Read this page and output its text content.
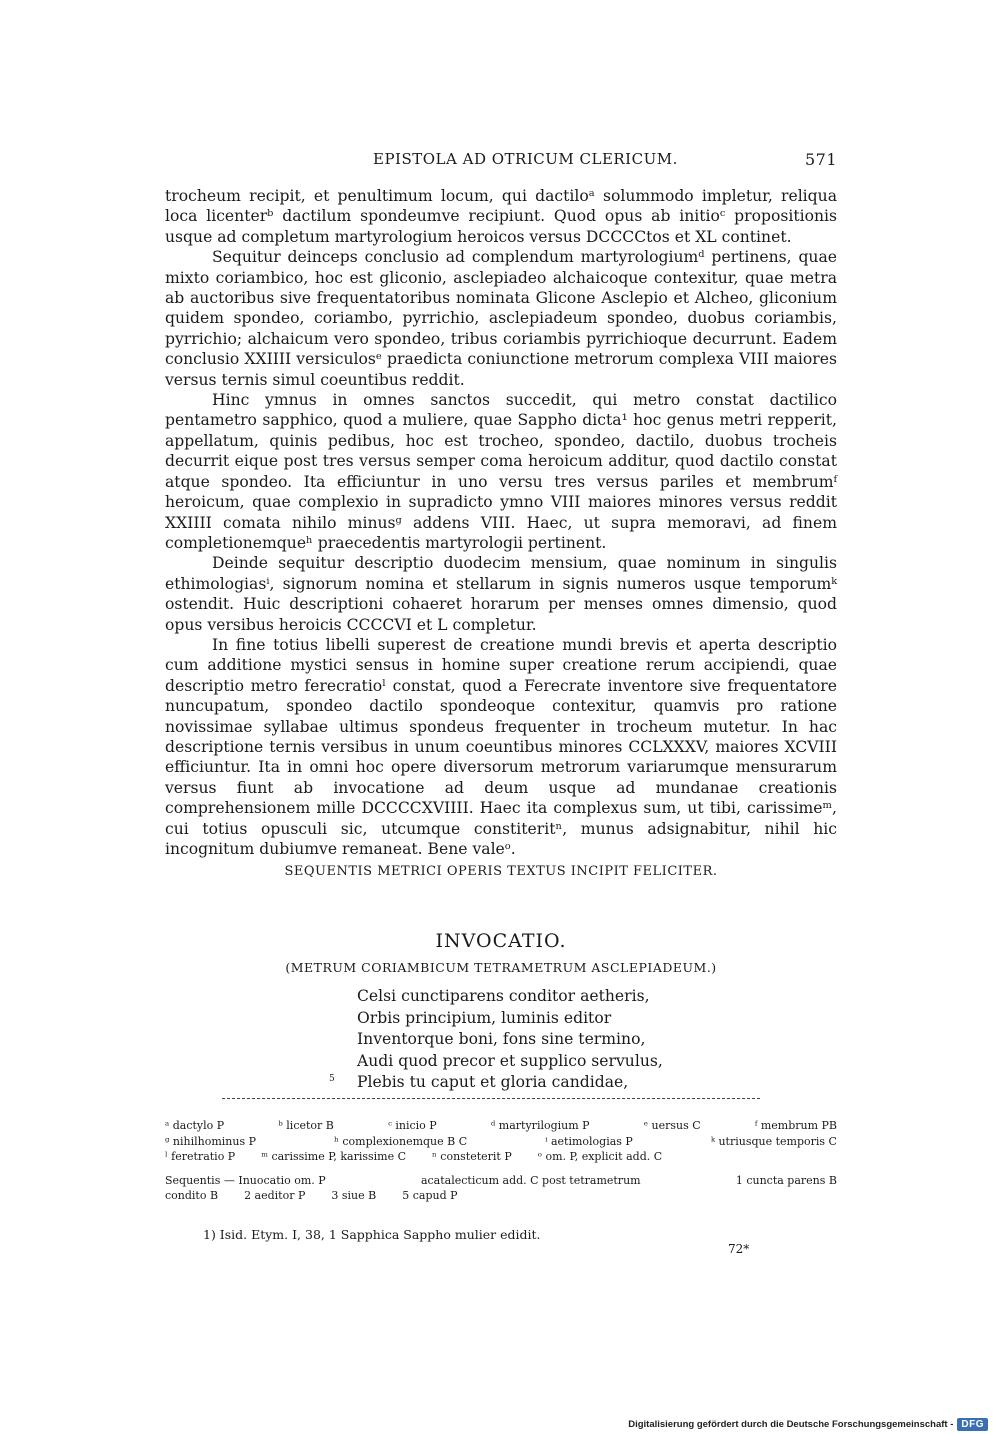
EPISTOLA AD OTRICUM CLERICUM.	571

trocheum recipit, et penultimum locum, qui dactiloᵃ solummodo impletur, reliqua loca licenterᵇ dactilum spondeumve recipiunt. Quod opus ab initioᶜ propositionis usque ad completum martyrologium heroicos versus DCCCCtos et XL continet.

Sequitur deinceps conclusio ad complendum martyrologiumᵈ pertinens, quae mixto coriambico, hoc est gliconio, asclepiadeo alchaicoque contexitur, quae metra ab auctoribus sive frequentatoribus nominata Glicone Asclepio et Alcheo, gliconium quidem spondeo, coriambo, pyrrichio, asclepiadeum spondeo, duobus coriambis, pyrrichio; alchaicum vero spondeo, tribus coriambis pyrrichioque decurrunt. Eadem conclusio XXIIII versiculosᵉ praedicta coniunctione metrorum complexa VIII maiores versus ternis simul coeuntibus reddit.

Hinc ymnus in omnes sanctos succedit, qui metro constat dactilico pentametro sapphico, quod a muliere, quae Sappho dicta¹ hoc genus metri repperit, appellatum, quinis pedibus, hoc est trocheo, spondeo, dactilo, duobus trocheis decurrit eique post tres versus semper coma heroicum additur, quod dactilo constat atque spondeo. Ita efficiuntur in uno versu tres versus pariles et membrumᶠ heroicum, quae complexio in supradicto ymno VIII maiores minores versus reddit XXIIII comata nihilo minusᵍ addens VIII. Haec, ut supra memoravi, ad finem completionemqueʰ praecedentis martyrologii pertinent.

Deinde sequitur descriptio duodecim mensium, quae nominum in singulis ethimologiasⁱ, signorum nomina et stellarum in signis numeros usque temporumᵏ ostendit. Huic descriptioni cohaeret horarum per menses omnes dimensio, quod opus versibus heroicis CCCCVI et L completur.

In fine totius libelli superest de creatione mundi brevis et aperta descriptio cum additione mystici sensus in homine super creatione rerum accipiendi, quae descriptio metro ferecratioˡ constat, quod a Ferecrate inventore sive frequentatore nuncupatum, spondeo dactilo spondeoque contexitur, quamvis pro ratione novissimae syllabae ultimus spondeus frequenter in trocheum mutetur. In hac descriptione ternis versibus in unum coeuntibus minores CCLXXXV, maiores XCVIII efficiuntur. Ita in omni hoc opere diversorum metrorum variarumque mensurarum versus fiunt ab invocatione ad deum usque ad mundanae creationis comprehensionem mille DCCCCXVIIII. Haec ita complexus sum, ut tibi, carissimeᵐ, cui totius opusculi sic, utcumque constiteritⁿ, munus adsignabitur, nihil hic incognitum dubiumve remaneat. Bene valeᵒ.

SEQUENTIS METRICI OPERIS TEXTUS INCIPIT FELICITER.
INVOCATIO.
(METRUM CORIAMBICUM TETRAMETRUM ASCLEPIADEUM.)
Celsi cunctiparens conditor aetheris,
Orbis principium, luminis editor
Inventorque boni, fons sine termino,
Audi quod precor et supplico servulus,
5 Plebis tu caput et gloria candidae,
ᵃ dactylo P	ᵇ licetor B	ᶜ inicio P	ᵈ martyrilogium P	ᵉ uersus C	ᶠ membrum PB
ᵍ nihilhominus P	ʰ complexionemque B C	ⁱ aetimologias P	ᵏ utriusque temporis C
ˡ feretratio P ᵐ carissime P, karissime C ⁿ consteterit P ᵒ om. P, explicit add. C
Sequentis — Inuocatio om. P	acatalecticum add. C post tetrametrum	1 cuncta parens B
condito B 2 aeditor P 3 siue B 5 capud P
1) Isid. Etym. I, 38, 1 Sapphica Sappho mulier edidit.
72*
Digitalisierung gefördert durch die Deutsche Forschungsgemeinschaft - DFG
